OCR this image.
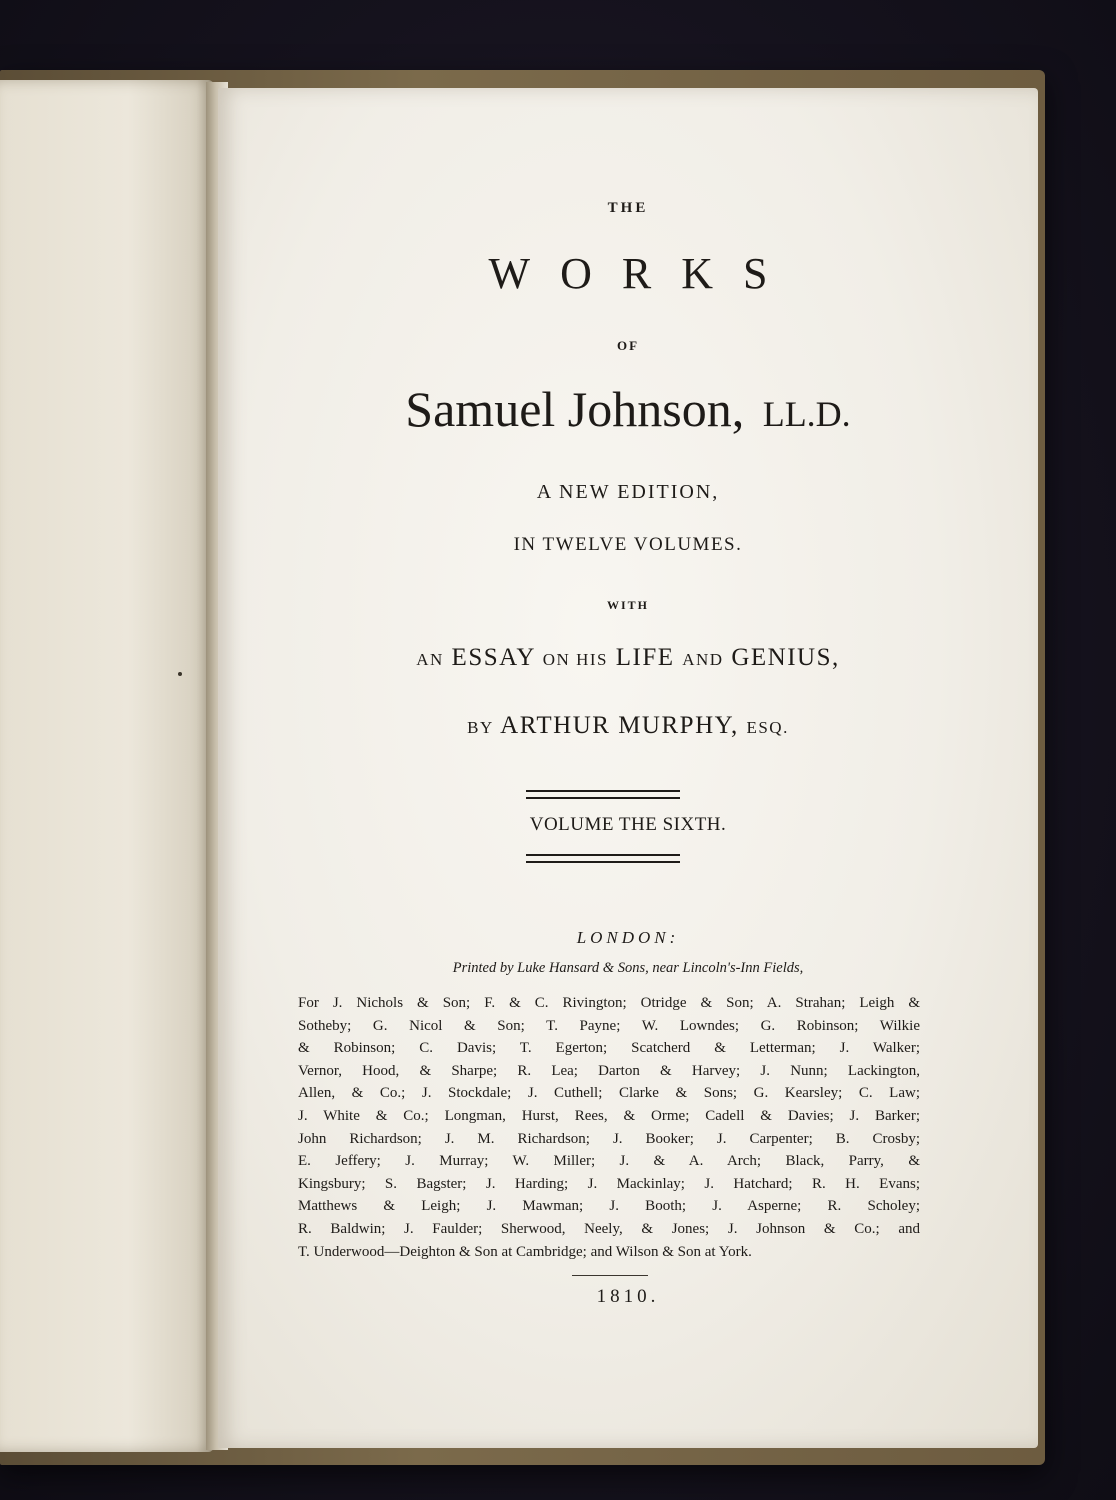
THE
WORKS
OF
Samuel Johnson, LL.D.
A NEW EDITION,
IN TWELVE VOLUMES.
WITH
AN ESSAY ON HIS LIFE AND GENIUS,
BY ARTHUR MURPHY, ESQ.
VOLUME THE SIXTH.
LONDON:
Printed by Luke Hansard & Sons, near Lincoln's-Inn Fields,
For J. Nichols & Son; F. & C. Rivington; Otridge & Son; A. Strahan; Leigh &
Sotheby; G. Nicol & Son; T. Payne; W. Lowndes; G. Robinson; Wilkie
& Robinson; C. Davis; T. Egerton; Scatcherd & Letterman; J. Walker;
Vernor, Hood, & Sharpe; R. Lea; Darton & Harvey; J. Nunn; Lackington,
Allen, & Co.; J. Stockdale; J. Cuthell; Clarke & Sons; G. Kearsley; C. Law;
J. White & Co.; Longman, Hurst, Rees, & Orme; Cadell & Davies; J. Barker;
John Richardson; J. M. Richardson; J. Booker; J. Carpenter; B. Crosby;
E. Jeffery; J. Murray; W. Miller; J. & A. Arch; Black, Parry, &
Kingsbury; S. Bagster; J. Harding; J. Mackinlay; J. Hatchard; R. H. Evans;
Matthews & Leigh; J. Mawman; J. Booth; J. Asperne; R. Scholey;
R. Baldwin; J. Faulder; Sherwood, Neely, & Jones; J. Johnson & Co.; and
T. Underwood—Deighton & Son at Cambridge; and Wilson & Son at York.
1810.
